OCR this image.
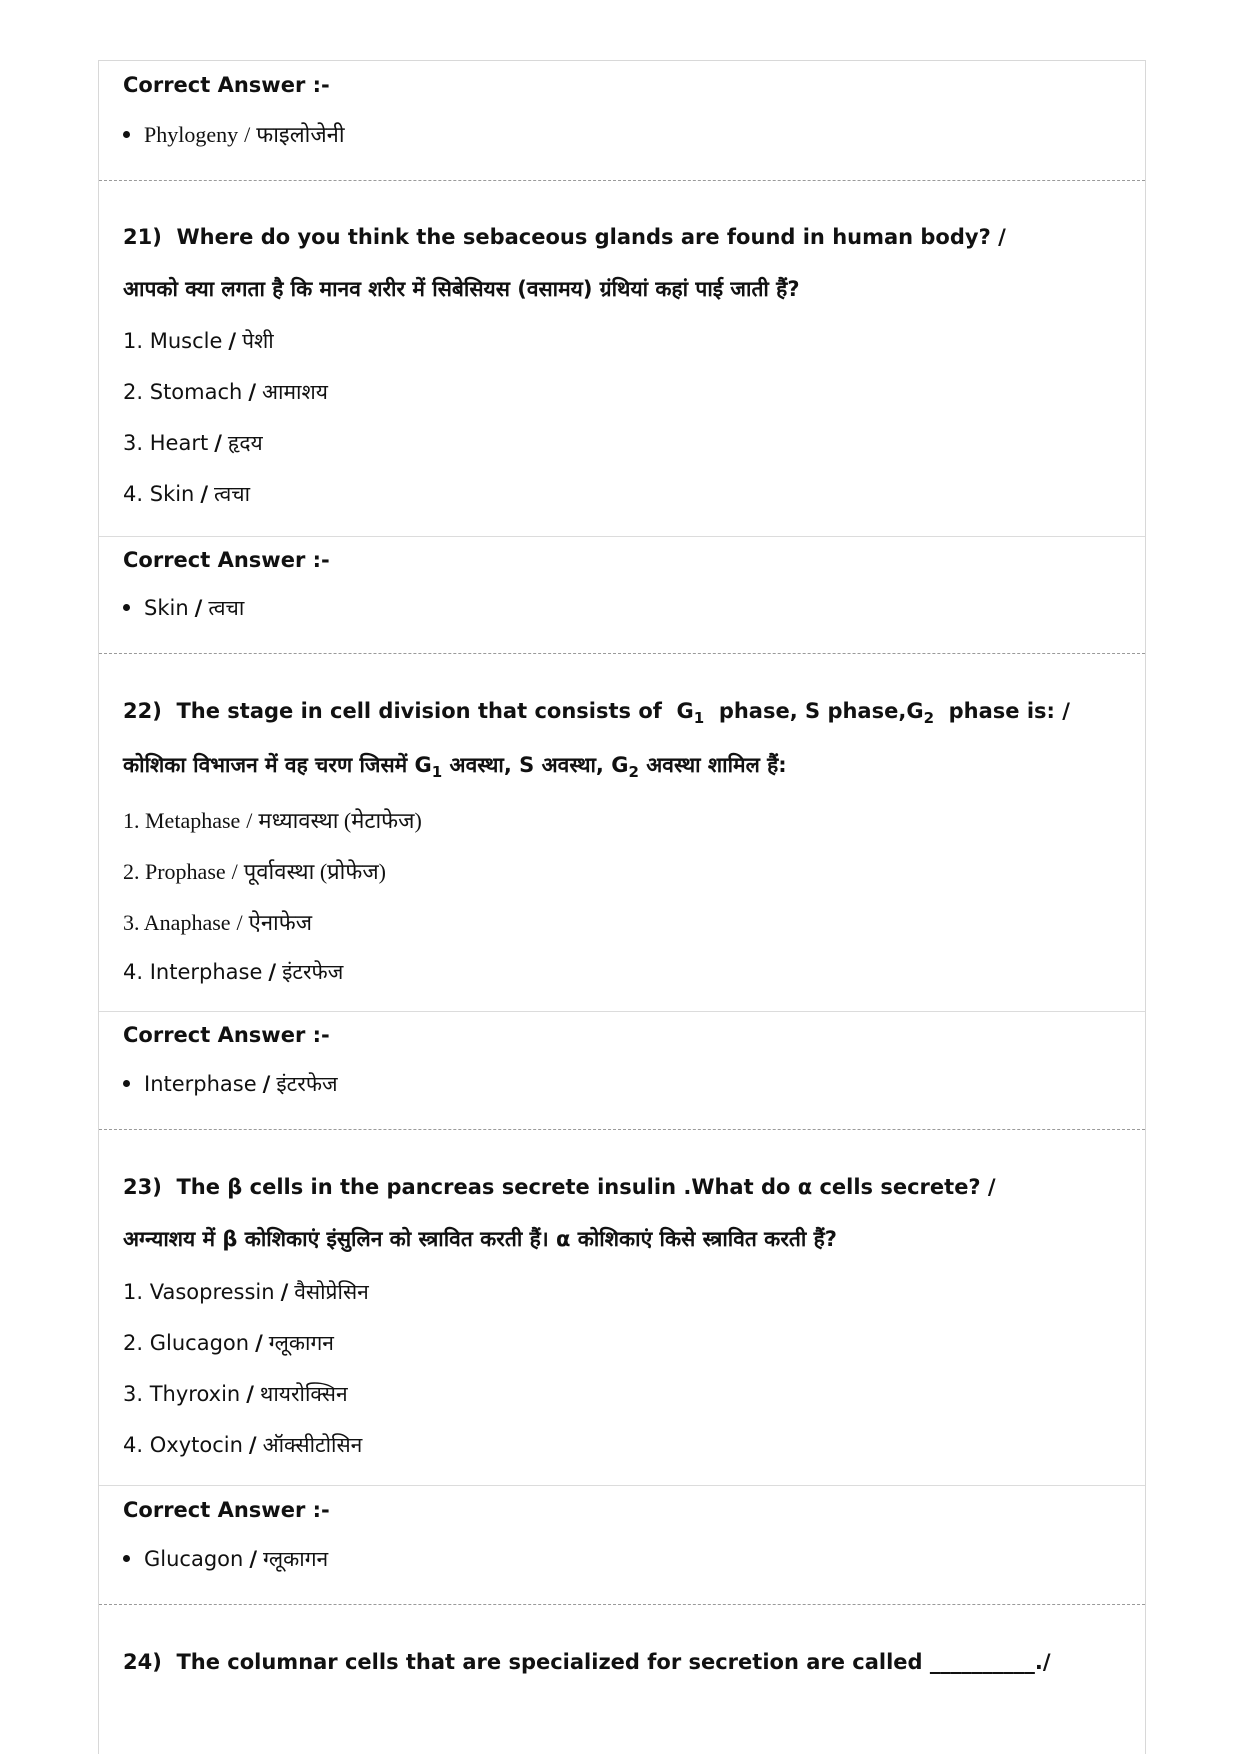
Correct Answer :-
Phylogeny / फाइलोजेनी
21) Where do you think the sebaceous glands are found in human body? /
आपको क्या लगता है कि मानव शरीर में सिबेसियस (वसामय) ग्रंथियां कहां पाई जाती हैं?
1. Muscle / पेशी
2. Stomach / आमाशय
3. Heart / हृदय
4. Skin / त्वचा
Correct Answer :-
Skin / त्वचा
22) The stage in cell division that consists of $G_1$ phase, S $phase,G_2$ phase is: /
कोशिका विभाजन में वह चरण जिसमें $G_1$ अवस्था, S अवस्था, $G_2$ अवस्था शामिल हैं:
1. Metaphase / मध्यावस्था (मेटाफेज)
2. Prophase / पूर्वावस्था (प्रोफेज)
3. Anaphase / ऐनाफेज
4. Interphase / इंटरफेज
Correct Answer :-
Interphase / इंटरफेज
23) The β cells in the pancreas secrete insulin .What do α cells secrete? /
अग्न्याशय में β कोशिकाएं इंसुलिन को स्त्रावित करती हैं। α कोशिकाएं किसे स्त्रावित करती हैं?
1. Vasopressin / वैसोप्रेसिन
2. Glucagon / ग्लूकागन
3. Thyroxin / थायरोक्सिन
4. Oxytocin / ऑक्सीटोसिन
Correct Answer :-
Glucagon / ग्लूकागन
24) The columnar cells that are specialized for secretion are called __________./
